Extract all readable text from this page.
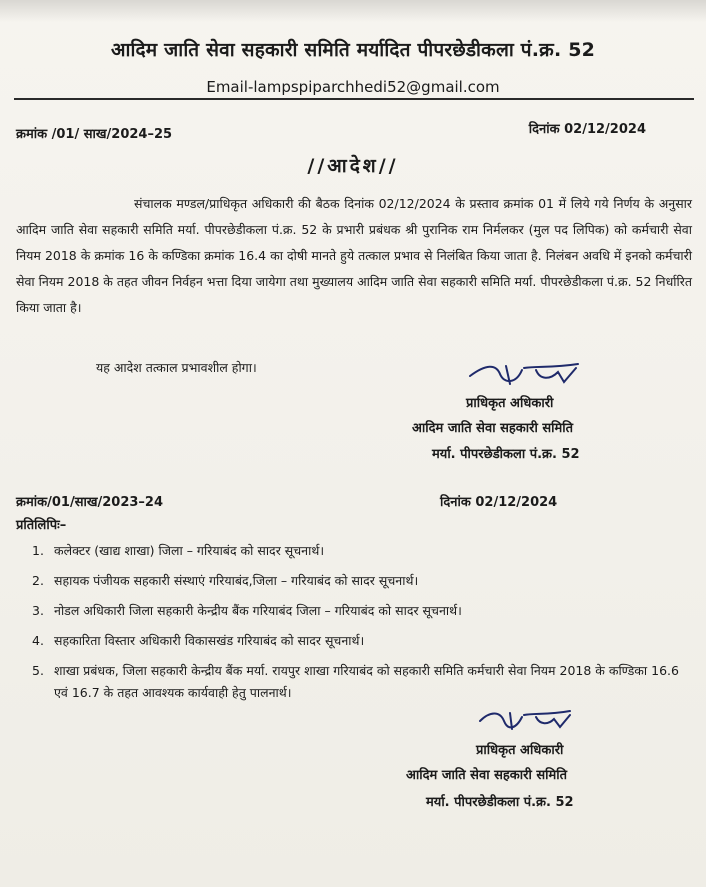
आदिम जाति सेवा सहकारी समिति मर्यादित पीपरछेडीकला पं.क्र. 52
Email-lampspiparchhedi52@gmail.com
क्रमांक /01/ साख/2024–25	दिनांक 02/12/2024
//आदेश//
संचालक मण्डल/प्राधिकृत अधिकारी की बैठक दिनांक 02/12/2024 के प्रस्ताव क्रमांक 01 में लिये गये निर्णय के अनुसार आदिम जाति सेवा सहकारी समिति मर्या. पीपरछेडीकला पं.क्र. 52 के प्रभारी प्रबंधक श्री पुरानिक राम निर्मलकर (मुल पद लिपिक) को कर्मचारी सेवा नियम 2018 के क्रमांक 16 के कण्डिका क्रमांक 16.4 का दोषी मानते हुये तत्काल प्रभाव से निलंबित किया जाता है. निलंबन अवधि में इनको कर्मचारी सेवा नियम 2018 के तहत जीवन निर्वहन भत्ता दिया जायेगा तथा मुख्यालय आदिम जाति सेवा सहकारी समिति मर्या. पीपरछेडीकला पं.क्र. 52 निर्धारित किया जाता है।
यह आदेश तत्काल प्रभावशील होगा।
प्राधिकृत अधिकारी
आदिम जाति सेवा सहकारी समिति
मर्या. पीपरछेडीकला पं.क्र. 52
क्रमांक/01/साख/2023–24	दिनांक 02/12/2024
प्रतिलिपिः–
1. कलेक्टर (खाद्य शाखा) जिला – गरियाबंद को सादर सूचनार्थ।
2. सहायक पंजीयक सहकारी संस्थाएं गरियाबंद,जिला – गरियाबंद को सादर सूचनार्थ।
3. नोडल अधिकारी जिला सहकारी केन्द्रीय बैंक गरियाबंद जिला – गरियाबंद को सादर सूचनार्थ।
4. सहकारिता विस्तार अधिकारी विकासखंड गरियाबंद को सादर सूचनार्थ।
5. शाखा प्रबंधक, जिला सहकारी केन्द्रीय बैंक मर्या. रायपुर शाखा गरियाबंद को सहकारी समिति कर्मचारी सेवा नियम 2018 के कण्डिका 16.6 एवं 16.7 के तहत आवश्यक कार्यवाही हेतु पालनार्थ।
प्राधिकृत अधिकारी
आदिम जाति सेवा सहकारी समिति
मर्या. पीपरछेडीकला पं.क्र. 52
